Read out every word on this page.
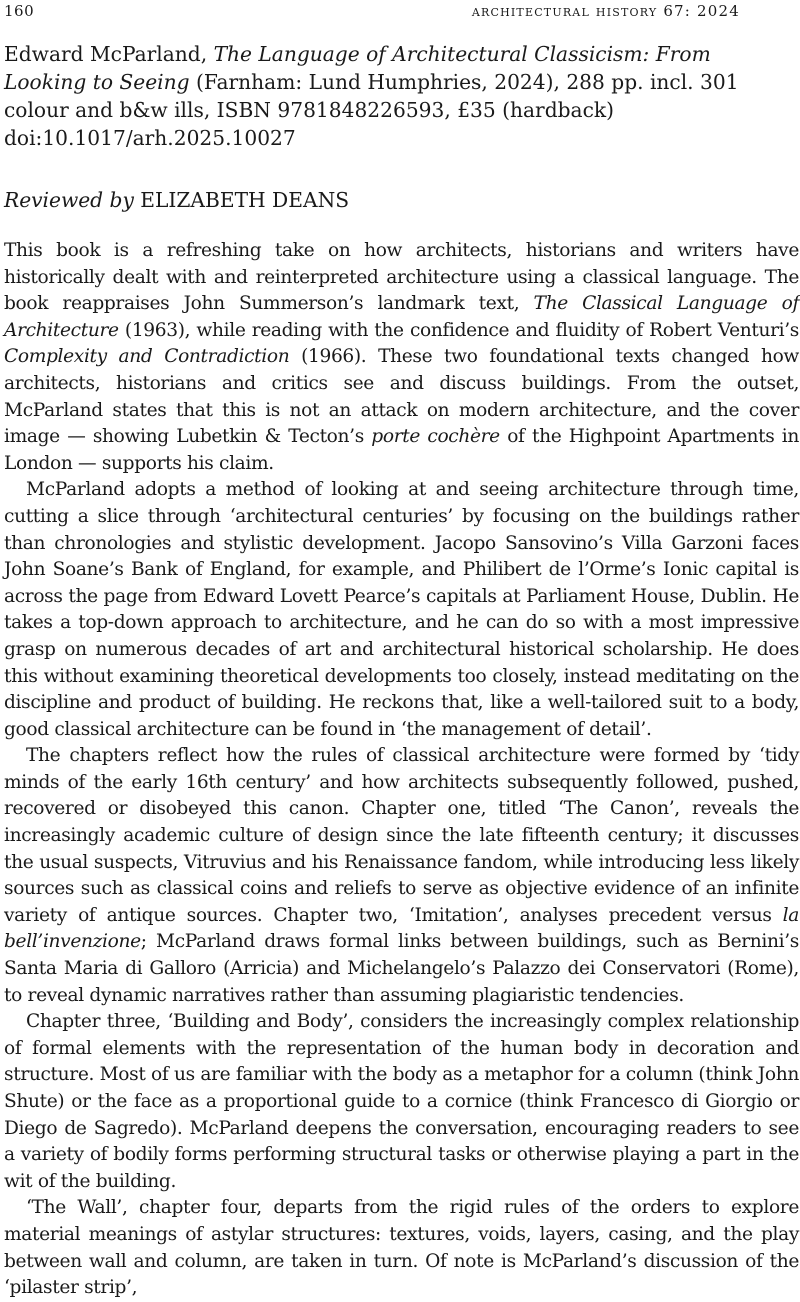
160	architectural history 67: 2024

Edward McParland, The Language of Architectural Classicism: From Looking to Seeing (Farnham: Lund Humphries, 2024), 288 pp. incl. 301 colour and b&w ills, ISBN 9781848226593, £35 (hardback)

doi:10.1017/arh.2025.10027

Reviewed by ELIZABETH DEANS

This book is a refreshing take on how architects, historians and writers have historically dealt with and reinterpreted architecture using a classical language. The book reappraises John Summerson’s landmark text, The Classical Language of Architecture (1963), while reading with the confidence and fluidity of Robert Venturi’s Complexity and Contradiction (1966). These two foundational texts changed how architects, historians and critics see and discuss buildings. From the outset, McParland states that this is not an attack on modern architecture, and the cover image — showing Lubetkin & Tecton’s porte cochère of the Highpoint Apartments in London — supports his claim.

McParland adopts a method of looking at and seeing architecture through time, cutting a slice through ‘architectural centuries’ by focusing on the buildings rather than chronologies and stylistic development. Jacopo Sansovino’s Villa Garzoni faces John Soane’s Bank of England, for example, and Philibert de l’Orme’s Ionic capital is across the page from Edward Lovett Pearce’s capitals at Parliament House, Dublin. He takes a top-down approach to architecture, and he can do so with a most impressive grasp on numerous decades of art and architectural historical scholarship. He does this without examining theoretical developments too closely, instead meditating on the discipline and product of building. He reckons that, like a well-tailored suit to a body, good classical architecture can be found in ‘the management of detail’.

The chapters reflect how the rules of classical architecture were formed by ‘tidy minds of the early 16th century’ and how architects subsequently followed, pushed, recovered or disobeyed this canon. Chapter one, titled ‘The Canon’, reveals the increasingly academic culture of design since the late fifteenth century; it discusses the usual suspects, Vitruvius and his Renaissance fandom, while introducing less likely sources such as classical coins and reliefs to serve as objective evidence of an infinite variety of antique sources. Chapter two, ‘Imitation’, analyses precedent versus la bell’invenzione; McParland draws formal links between buildings, such as Bernini’s Santa Maria di Galloro (Arricia) and Michelangelo’s Palazzo dei Conservatori (Rome), to reveal dynamic narratives rather than assuming plagiaristic tendencies.

Chapter three, ‘Building and Body’, considers the increasingly complex relationship of formal elements with the representation of the human body in decoration and structure. Most of us are familiar with the body as a metaphor for a column (think John Shute) or the face as a proportional guide to a cornice (think Francesco di Giorgio or Diego de Sagredo). McParland deepens the conversation, encouraging readers to see a variety of bodily forms performing structural tasks or otherwise playing a part in the wit of the building.

‘The Wall’, chapter four, departs from the rigid rules of the orders to explore material meanings of astylar structures: textures, voids, layers, casing, and the play between wall and column, are taken in turn. Of note is McParland’s discussion of the ‘pilaster strip’,
